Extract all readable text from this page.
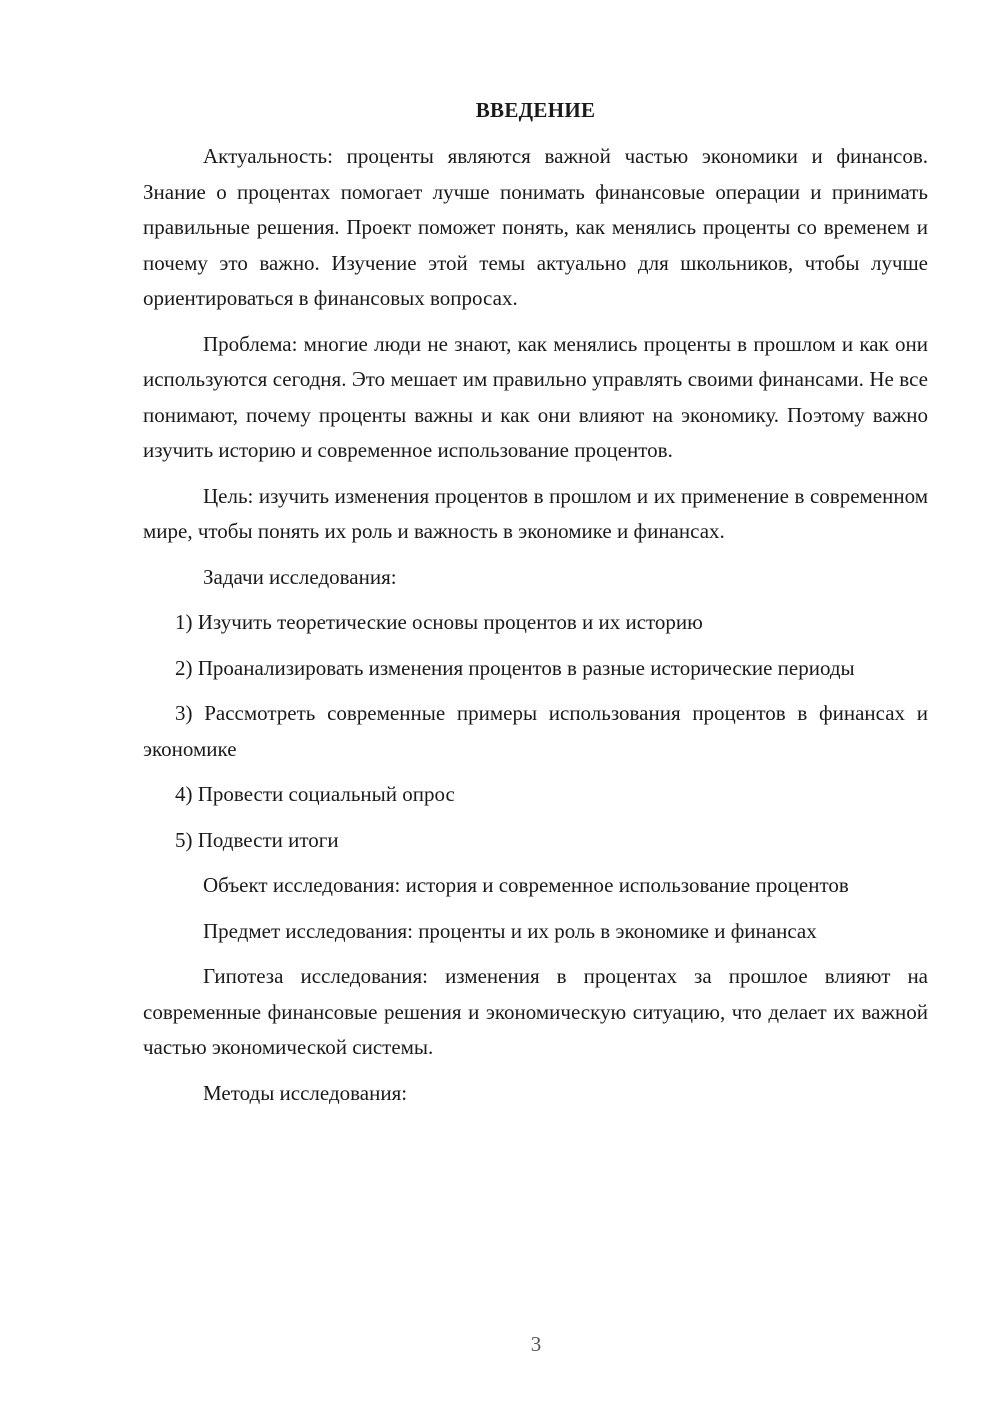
ВВЕДЕНИЕ

Актуальность: проценты являются важной частью экономики и финансов. Знание о процентах помогает лучше понимать финансовые операции и принимать правильные решения. Проект поможет понять, как менялись проценты со временем и почему это важно. Изучение этой темы актуально для школьников, чтобы лучше ориентироваться в финансовых вопросах.

Проблема: многие люди не знают, как менялись проценты в прошлом и как они используются сегодня. Это мешает им правильно управлять своими финансами. Не все понимают, почему проценты важны и как они влияют на экономику. Поэтому важно изучить историю и современное использование процентов.

Цель: изучить изменения процентов в прошлом и их применение в современном мире, чтобы понять их роль и важность в экономике и финансах.

Задачи исследования:

1) Изучить теоретические основы процентов и их историю

2) Проанализировать изменения процентов в разные исторические периоды

3) Рассмотреть современные примеры использования процентов в финансах и экономике

4) Провести социальный опрос

5) Подвести итоги

Объект исследования: история и современное использование процентов

Предмет исследования: проценты и их роль в экономике и финансах

Гипотеза исследования: изменения в процентах за прошлое влияют на современные финансовые решения и экономическую ситуацию, что делает их важной частью экономической системы.

Методы исследования:

3
